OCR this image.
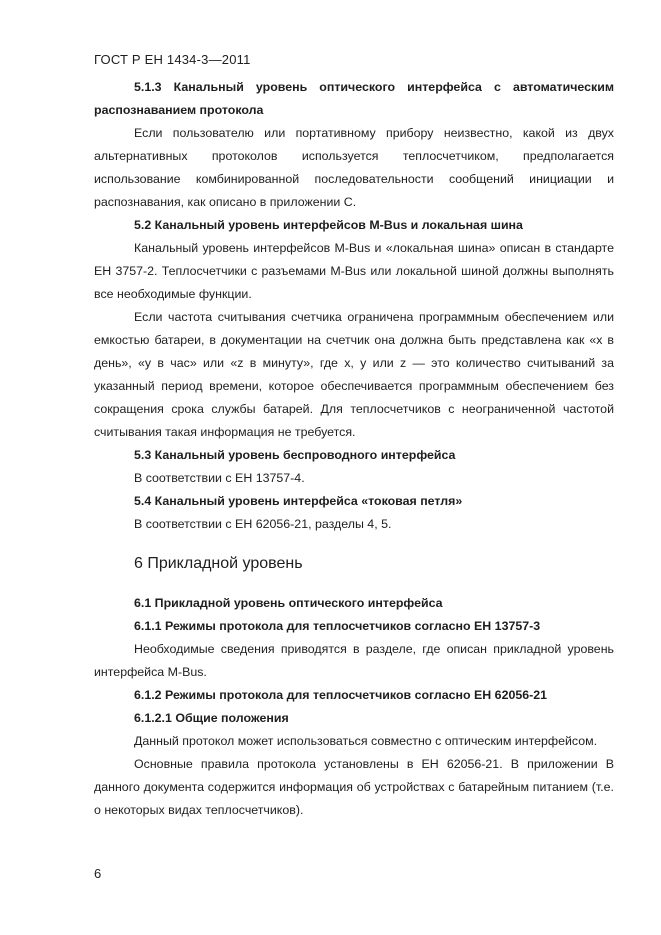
ГОСТ Р ЕН 1434-3—2011

5.1.3 Канальный уровень оптического интерфейса с автоматическим распознаванием протокола

Если пользователю или портативному прибору неизвестно, какой из двух альтернативных протоколов используется теплосчетчиком, предполагается использование комбинированной последовательности сообщений инициации и распознавания, как описано в приложении С.

5.2 Канальный уровень интерфейсов M-Bus и локальная шина

Канальный уровень интерфейсов M-Bus и «локальная шина» описан в стандарте ЕН 3757-2. Теплосчетчики с разъемами M-Bus или локальной шиной должны выполнять все необходимые функции.

Если частота считывания счетчика ограничена программным обеспечением или емкостью батареи, в документации на счетчик она должна быть представлена как «х в день», «у в час» или «z в минуту», где х, у или z — это количество считываний за указанный период времени, которое обеспечивается программным обеспечением без сокращения срока службы батарей. Для теплосчетчиков с неограниченной частотой считывания такая информация не требуется.

5.3 Канальный уровень беспроводного интерфейса

В соответствии с ЕН 13757-4.

5.4 Канальный уровень интерфейса «токовая петля»

В соответствии с ЕН 62056-21, разделы 4, 5.

6 Прикладной уровень

6.1 Прикладной уровень оптического интерфейса

6.1.1 Режимы протокола для теплосчетчиков согласно ЕН 13757-3

Необходимые сведения приводятся в разделе, где описан прикладной уровень интерфейса M-Bus.

6.1.2 Режимы протокола для теплосчетчиков согласно ЕН 62056-21

6.1.2.1 Общие положения

Данный протокол может использоваться совместно с оптическим интерфейсом.

Основные правила протокола установлены в ЕН 62056-21. В приложении В данного документа содержится информация об устройствах с батарейным питанием (т.е. о некоторых видах теплосчетчиков).

6
